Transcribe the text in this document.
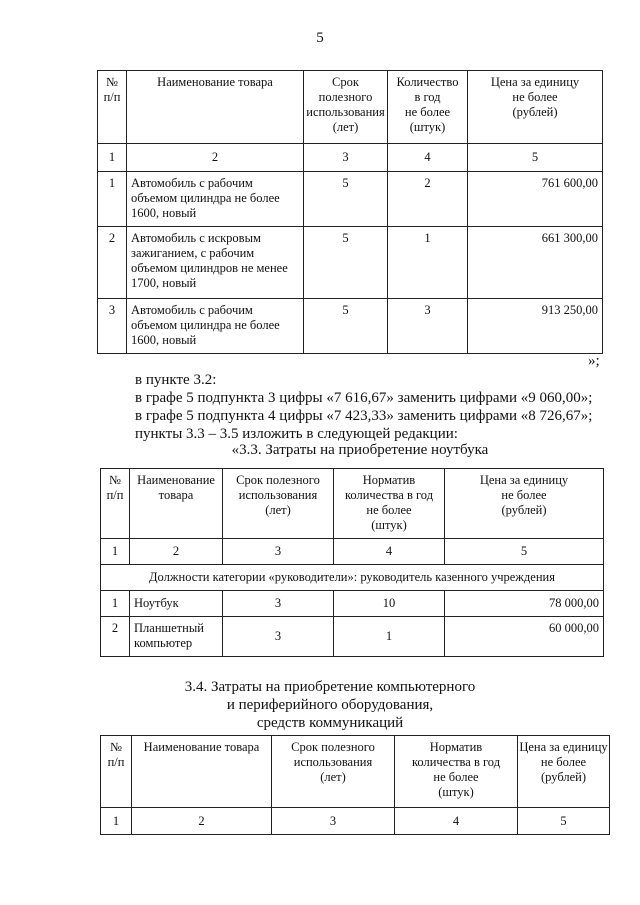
5
№
п/п	Наименование товара	Срок
полезного
использования
(лет)	Количество
в год
не более
(штук)	Цена за единицу
не более
(рублей)
1	2	3	4	5
1	Автомобиль с рабочим
объемом цилиндра не более
1600, новый	5	2	761 600,00
2	Автомобиль с искровым
зажиганием, с рабочим
объемом цилиндров не менее
1700, новый	5	1	661 300,00
3	Автомобиль с рабочим
объемом цилиндра не более
1600, новый	5	3	913 250,00
»;
в пункте 3.2:
в графе 5 подпункта 3 цифры «7 616,67» заменить цифрами «9 060,00»;
в графе 5 подпункта 4 цифры «7 423,33» заменить цифрами «8 726,67»;
пункты 3.3 – 3.5 изложить в следующей редакции:
«3.3. Затраты на приобретение ноутбука
№
п/п	Наименование
товара	Срок полезного
использования
(лет)	Норматив
количества в год
не более
(штук)	Цена за единицу
не более
(рублей)
1	2	3	4	5
Должности категории «руководители»: руководитель казенного учреждения				
1	Ноутбук	3	10	78 000,00
2	Планшетный
компьютер	3	1	60 000,00
3.4. Затраты на приобретение компьютерного
и периферийного оборудования,
средств коммуникаций
№
п/п	Наименование товара	Срок полезного
использования
(лет)	Норматив
количества в год
не более
(штук)	Цена за единицу
не более
(рублей)
1	2	3	4	5
